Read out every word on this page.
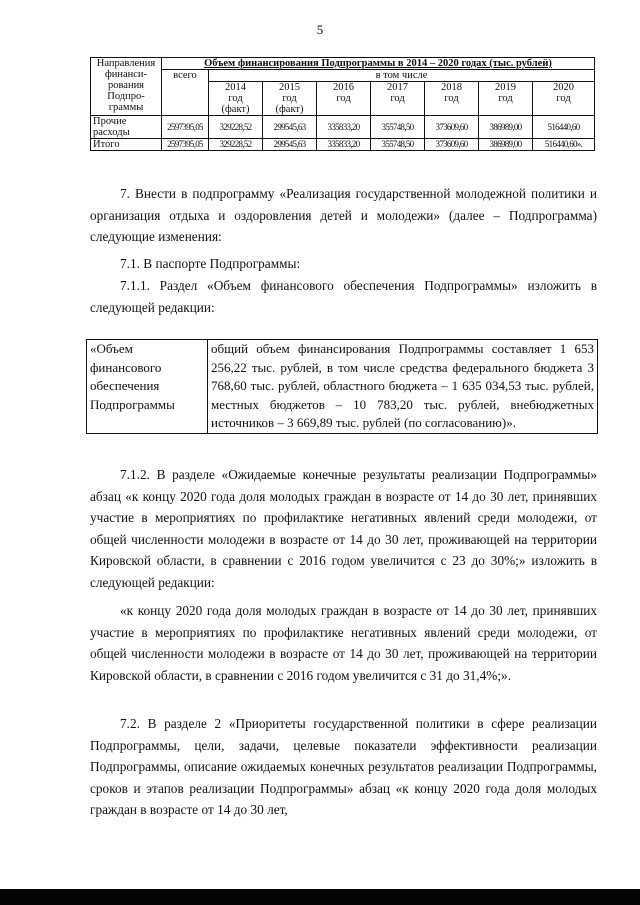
5
Направления финанси-рования Подпро-граммы	Объем финансирования Подпрограммы в 2014 – 2020 годах (тыс. рублей)							
	всего	в том числе						
		2014
год
(факт)	2015
год
(факт)	2016
год	2017
год	2018
год	2019
год	2020
год
Прочие расходы	2597395,05	329228,52	299545,63	335833,20	355748,50	373609,60	386989,00	516440,60
Итого	2597395,05	329228,52	299545,63	335833,20	355748,50	373609,60	386989,00	516440,60».
7. Внести в подпрограмму «Реализация государственной молодежной политики и организация отдыха и оздоровления детей и молодежи» (далее – Подпрограмма) следующие изменения:
7.1. В паспорте Подпрограммы:
7.1.1. Раздел «Объем финансового обеспечения Подпрограммы» изложить в следующей редакции:
«Объем финансового обеспечения Подпрограммы	общий объем финансирования Подпрограммы составляет 1 653 256,22 тыс. рублей, в том числе средства федерального бюджета 3 768,60 тыс. рублей, областного бюджета – 1 635 034,53 тыс. рублей, местных бюджетов – 10 783,20 тыс. рублей, внебюджетных источников – 3 669,89 тыс. рублей (по согласованию)».
7.1.2. В разделе «Ожидаемые конечные результаты реализации Подпрограммы» абзац «к концу 2020 года доля молодых граждан в возрасте от 14 до 30 лет, принявших участие в мероприятиях по профилактике негативных явлений среди молодежи, от общей численности молодежи в возрасте от 14 до 30 лет, проживающей на территории Кировской области, в сравнении с 2016 годом увеличится с 23 до 30%;» изложить в следующей редакции:
«к концу 2020 года доля молодых граждан в возрасте от 14 до 30 лет, принявших участие в мероприятиях по профилактике негативных явлений среди молодежи, от общей численности молодежи в возрасте от 14 до 30 лет, проживающей на территории Кировской области, в сравнении с 2016 годом увеличится с 31 до 31,4%;».
7.2. В разделе 2 «Приоритеты государственной политики в сфере реализации Подпрограммы, цели, задачи, целевые показатели эффективности реализации Подпрограммы, описание ожидаемых конечных результатов реализации Подпрограммы, сроков и этапов реализации Подпрограммы» абзац «к концу 2020 года доля молодых граждан в возрасте от 14 до 30 лет,
